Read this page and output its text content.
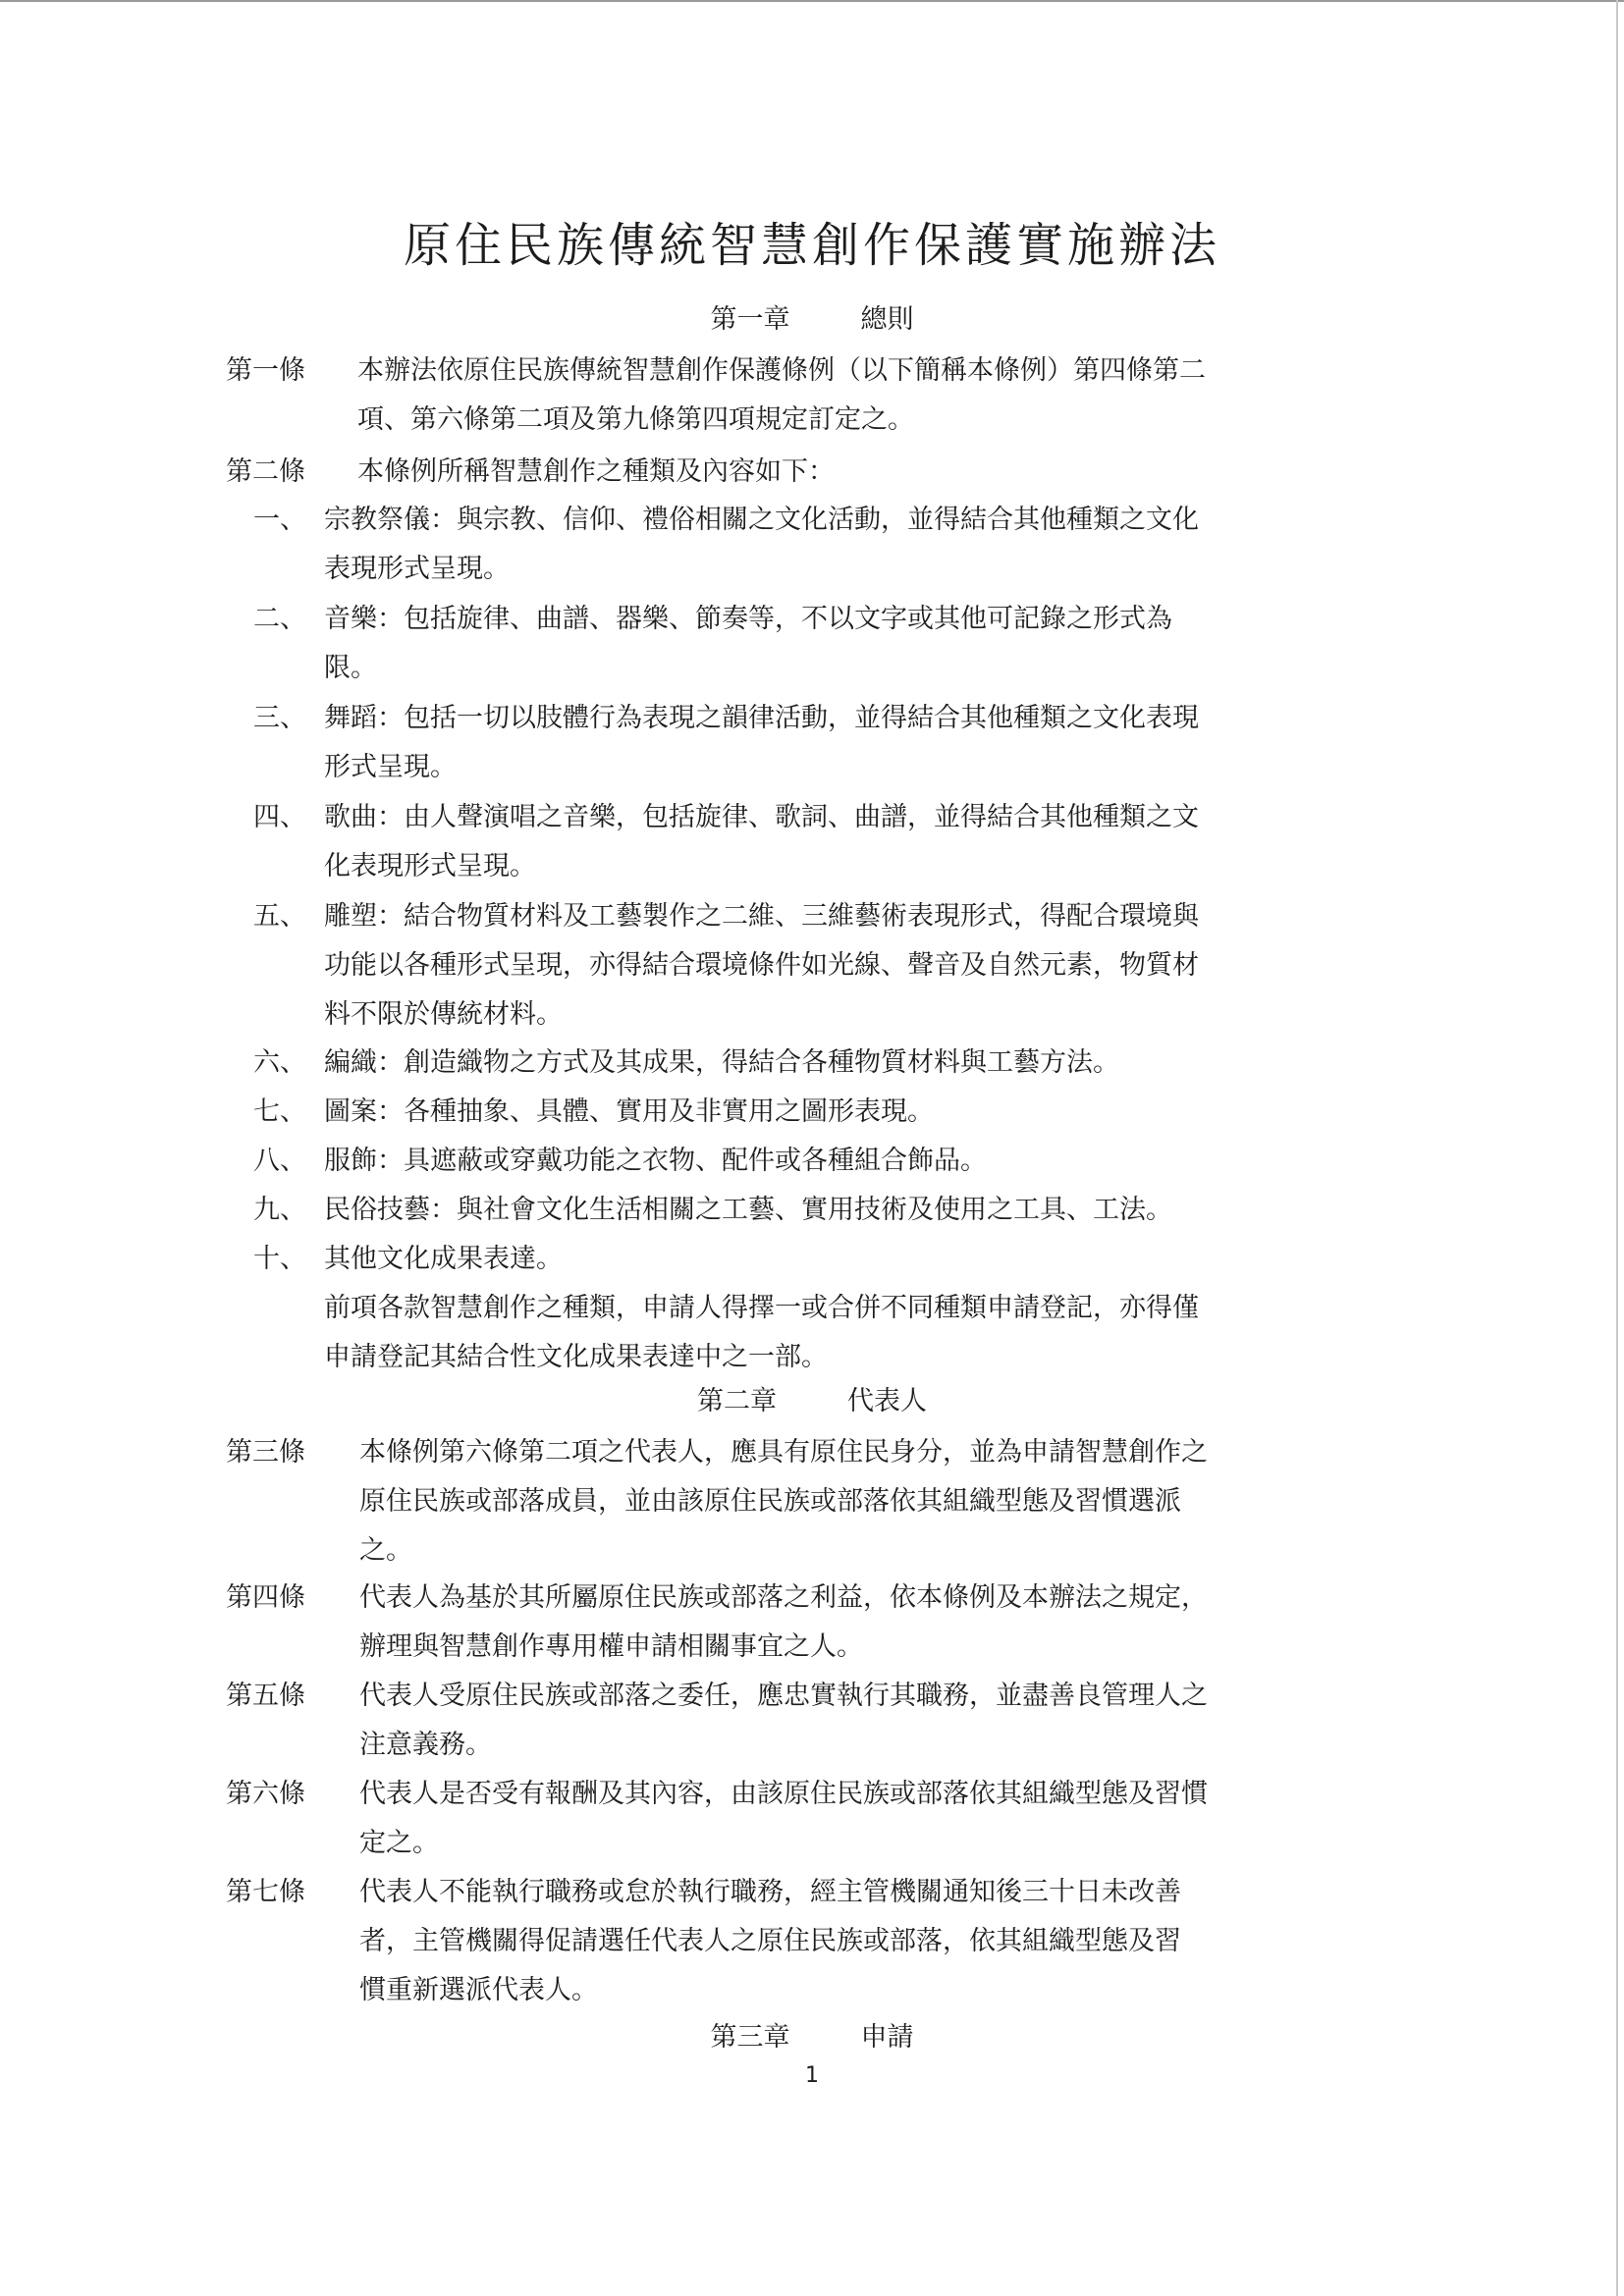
原住民族傳統智慧創作保護實施辦法
第一章	總則
第一條 本辦法依原住民族傳統智慧創作保護條例（以下簡稱本條例）第四條第二
項、第六條第二項及第九條第四項規定訂定之。
第二條 本條例所稱智慧創作之種類及內容如下：
一、 宗教祭儀：與宗教、信仰、禮俗相關之文化活動，並得結合其他種類之文化
表現形式呈現。
二、 音樂：包括旋律、曲譜、器樂、節奏等，不以文字或其他可記錄之形式為
限。
三、 舞蹈：包括一切以肢體行為表現之韻律活動，並得結合其他種類之文化表現
形式呈現。
四、 歌曲：由人聲演唱之音樂，包括旋律、歌詞、曲譜，並得結合其他種類之文
化表現形式呈現。
五、 雕塑：結合物質材料及工藝製作之二維、三維藝術表現形式，得配合環境與
功能以各種形式呈現，亦得結合環境條件如光線、聲音及自然元素，物質材
料不限於傳統材料。
六、 編織：創造織物之方式及其成果，得結合各種物質材料與工藝方法。
七、 圖案：各種抽象、具體、實用及非實用之圖形表現。
八、 服飾：具遮蔽或穿戴功能之衣物、配件或各種組合飾品。
九、 民俗技藝：與社會文化生活相關之工藝、實用技術及使用之工具、工法。
十、 其他文化成果表達。
前項各款智慧創作之種類，申請人得擇一或合併不同種類申請登記，亦得僅
申請登記其結合性文化成果表達中之一部。
第二章	代表人
第三條 本條例第六條第二項之代表人，應具有原住民身分，並為申請智慧創作之
原住民族或部落成員，並由該原住民族或部落依其組織型態及習慣選派
之。
第四條 代表人為基於其所屬原住民族或部落之利益，依本條例及本辦法之規定，
辦理與智慧創作專用權申請相關事宜之人。
第五條 代表人受原住民族或部落之委任，應忠實執行其職務，並盡善良管理人之
注意義務。
第六條 代表人是否受有報酬及其內容，由該原住民族或部落依其組織型態及習慣
定之。
第七條 代表人不能執行職務或怠於執行職務，經主管機關通知後三十日未改善
者，主管機關得促請選任代表人之原住民族或部落，依其組織型態及習
慣重新選派代表人。
第三章	申請
1
